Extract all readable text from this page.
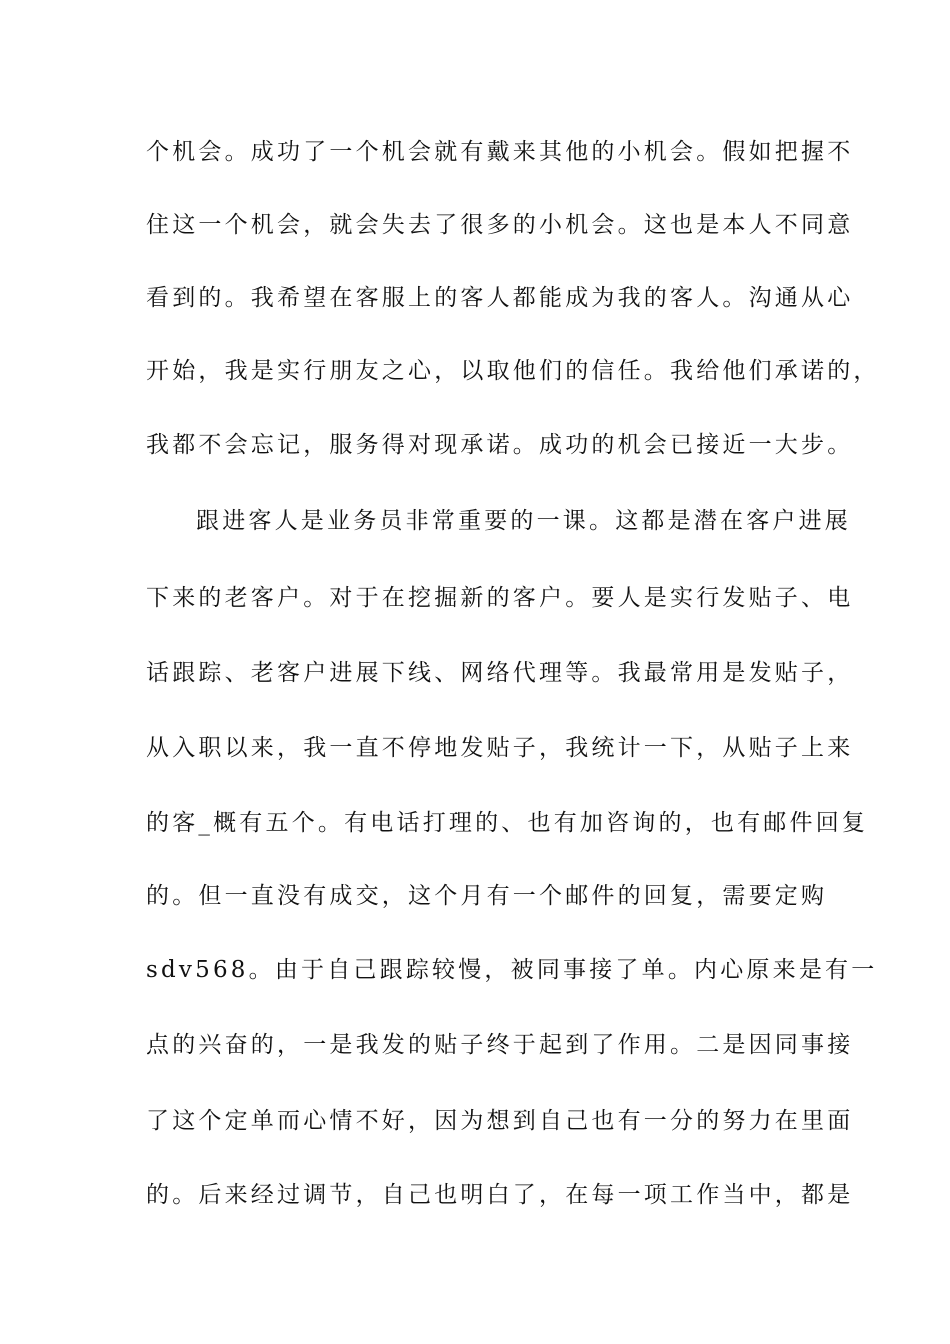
个机会。成功了一个机会就有戴来其他的小机会。假如把握不
住这一个机会，就会失去了很多的小机会。这也是本人不同意
看到的。我希望在客服上的客人都能成为我的客人。沟通从心
开始，我是实行朋友之心，以取他们的信任。我给他们承诺的，
我都不会忘记，服务得对现承诺。成功的机会已接近一大步。
跟进客人是业务员非常重要的一课。这都是潜在客户进展
下来的老客户。对于在挖掘新的客户。要人是实行发贴子、电
话跟踪、老客户进展下线、网络代理等。我最常用是发贴子，
从入职以来，我一直不停地发贴子，我统计一下，从贴子上来
的客_概有五个。有电话打理的、也有加咨询的，也有邮件回复
的。但一直没有成交，这个月有一个邮件的回复，需要定购
sdv568。由于自己跟踪较慢，被同事接了单。内心原来是有一
点的兴奋的，一是我发的贴子终于起到了作用。二是因同事接
了这个定单而心情不好，因为想到自己也有一分的努力在里面
的。后来经过调节，自己也明白了，在每一项工作当中，都是
